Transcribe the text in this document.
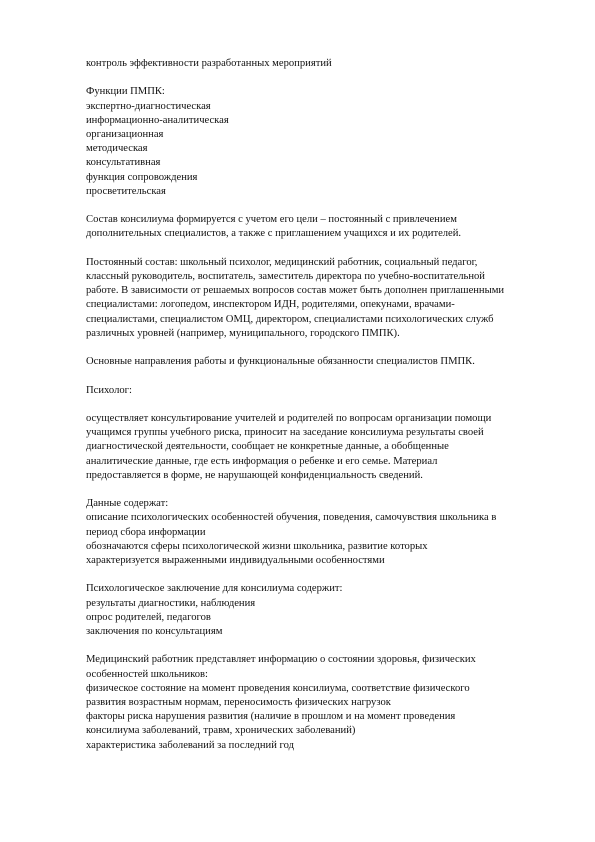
контроль эффективности разработанных мероприятий

Функции ПМПК:

экспертно-диагностическая

информационно-аналитическая

организационная

методическая

консультативная

функция сопровождения

просветительская

Состав консилиума формируется с учетом его цели – постоянный с привлечением

дополнительных специалистов, а также с приглашением учащихся и их родителей.

Постоянный состав: школьный психолог, медицинский работник, социальный педагог,

классный руководитель, воспитатель, заместитель директора по учебно-воспитательной

работе. В зависимости от решаемых вопросов состав может быть дополнен приглашенными

специалистами: логопедом, инспектором ИДН, родителями, опекунами, врачами-

специалистами, специалистом ОМЦ, директором, специалистами психологических служб

различных уровней (например, муниципального, городского ПМПК).

Основные направления работы и функциональные обязанности специалистов ПМПК.

Психолог:

осуществляет консультирование учителей и родителей по вопросам организации помощи

учащимся группы учебного риска, приносит на заседание консилиума результаты своей

диагностической деятельности, сообщает не конкретные данные, а обобщенные

аналитические данные, где есть информация о ребенке и его семье. Материал

предоставляется в форме, не нарушающей конфиденциальность сведений.

Данные содержат:

описание психологических особенностей обучения, поведения, самочувствия школьника в

период сбора информации

обозначаются сферы психологической жизни школьника, развитие которых

характеризуется выраженными индивидуальными особенностями

Психологическое заключение для консилиума содержит:

результаты диагностики, наблюдения

опрос родителей, педагогов

заключения по консультациям

Медицинский работник представляет информацию о состоянии здоровья, физических

особенностей школьников:

физическое состояние на момент проведения консилиума, соответствие физического

развития возрастным нормам, переносимость физических нагрузок

факторы риска нарушения развития (наличие в прошлом и на момент проведения

консилиума заболеваний, травм, хронических заболеваний)

характеристика заболеваний за последний год
